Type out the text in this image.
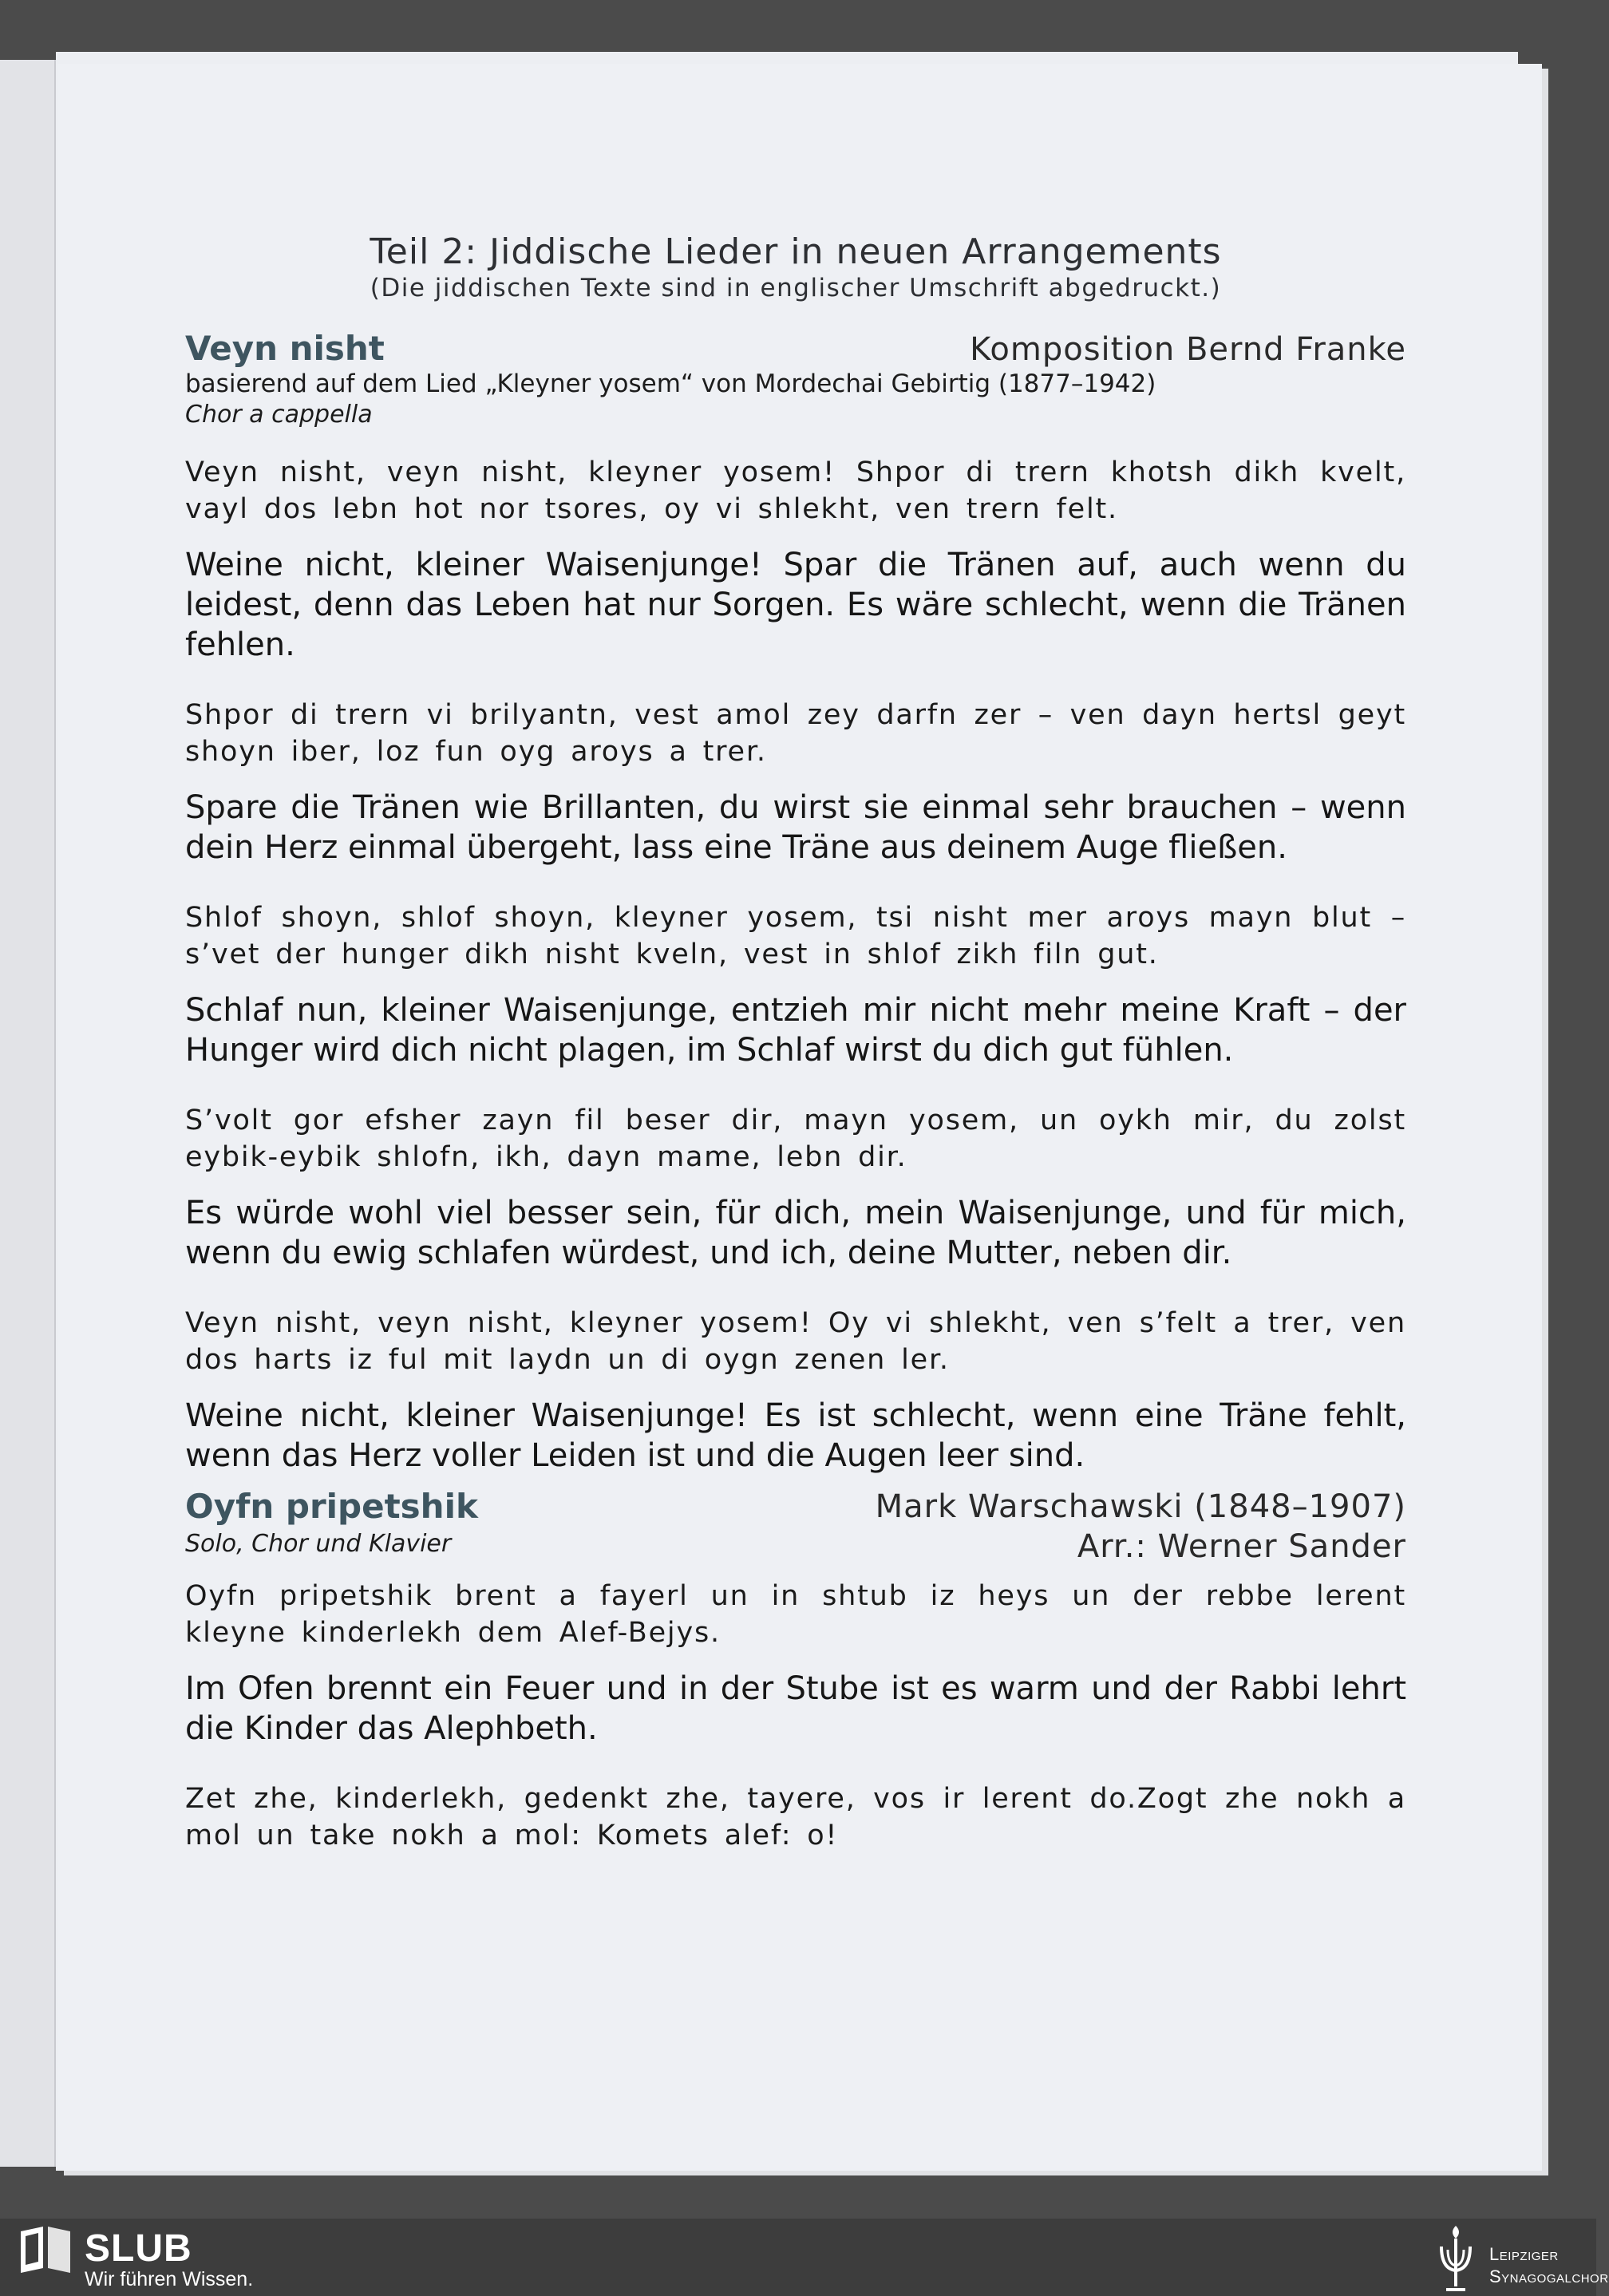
Teil 2: Jiddische Lieder in neuen Arrangements
(Die jiddischen Texte sind in englischer Umschrift abgedruckt.)
Veyn nisht	Komposition Bernd Franke
basierend auf dem Lied „Kleyner yosem“ von Mordechai Gebirtig (1877–1942)
Chor a cappella
Veyn nisht, veyn nisht, kleyner yosem! Shpor di trern khotsh dikh kvelt, vayl dos lebn hot nor tsores, oy vi shlekht, ven trern felt.
Weine nicht, kleiner Waisenjunge! Spar die Tränen auf, auch wenn du leidest, denn das Leben hat nur Sorgen. Es wäre schlecht, wenn die Tränen fehlen.
Shpor di trern vi brilyantn, vest amol zey darfn zer – ven dayn hertsl geyt shoyn iber, loz fun oyg aroys a trer.
Spare die Tränen wie Brillanten, du wirst sie einmal sehr brauchen – wenn dein Herz einmal übergeht, lass eine Träne aus deinem Auge fließen.
Shlof shoyn, shlof shoyn, kleyner yosem, tsi nisht mer aroys mayn blut – s’vet der hunger dikh nisht kveln, vest in shlof zikh filn gut.
Schlaf nun, kleiner Waisenjunge, entzieh mir nicht mehr meine Kraft – der Hunger wird dich nicht plagen, im Schlaf wirst du dich gut fühlen.
S’volt gor efsher zayn fil beser dir, mayn yosem, un oykh mir, du zolst eybik-eybik shlofn, ikh, dayn mame, lebn dir.
Es würde wohl viel besser sein, für dich, mein Waisenjunge, und für mich, wenn du ewig schlafen würdest, und ich, deine Mutter, neben dir.
Veyn nisht, veyn nisht, kleyner yosem! Oy vi shlekht, ven s’felt a trer, ven dos harts iz ful mit laydn un di oygn zenen ler.
Weine nicht, kleiner Waisenjunge! Es ist schlecht, wenn eine Träne fehlt, wenn das Herz voller Leiden ist und die Augen leer sind.
Oyfn pripetshik
Solo, Chor und Klavier
Mark Warschawski (1848–1907)
Arr.: Werner Sander
Oyfn pripetshik brent a fayerl un in shtub iz heys un der rebbe lerent kleyne kinderlekh dem Alef-Bejys.
Im Ofen brennt ein Feuer und in der Stube ist es warm und der Rabbi lehrt die Kinder das Alephbeth.
Zet zhe, kinderlekh, gedenkt zhe, tayere, vos ir lerent do.Zogt zhe nokh a mol un take nokh a mol: Komets alef: o!
SLUB
Wir führen Wissen.
Leipziger
Synagogalchor
